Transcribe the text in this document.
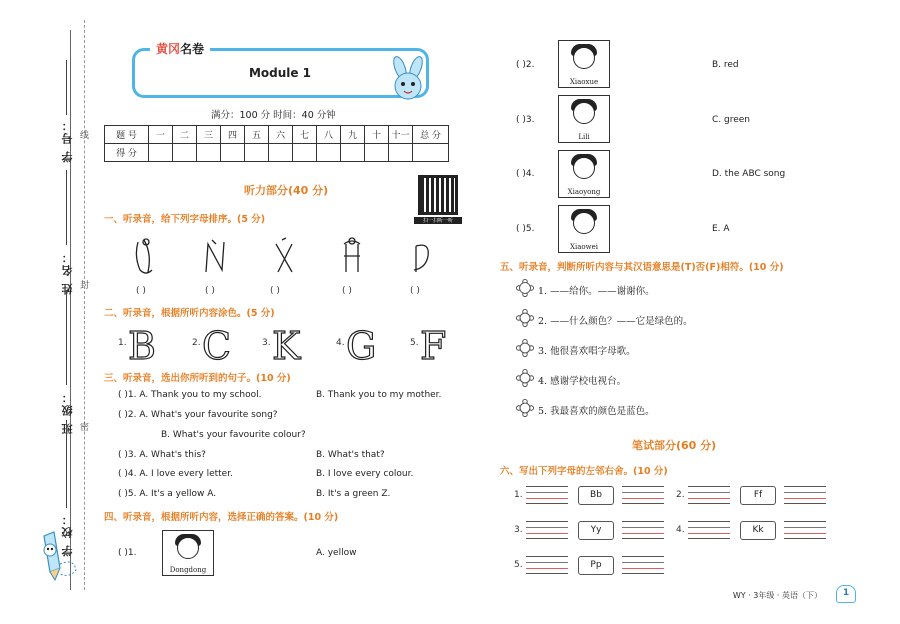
学 号：
姓 名：
班 级：
学 校：
线
封
密
黄冈名卷
Module 1
满分：100 分 时间：40 分钟
题 号	一	二	三	四	五	六	七	八	九	十	十一	总 分
得 分												
扫一扫听一听
听力部分(40 分)
一、听录音，给下列字母排序。(5 分)
( )	( )	( )	( )	( )
二、听录音，根据所听内容涂色。(5 分)
1. B	2. C	3. K	4. G	5. F
三、听录音，选出你所听到的句子。(10 分)
( )1. A. Thank you to my school.	B. Thank you to my mother.
( )2. A. What's your favourite song?
B. What's your favourite colour?
( )3. A. What's this?	B. What's that?
( )4. A. I love every letter.	B. I love every colour.
( )5. A. It's a yellow A.	B. It's a green Z.
四、听录音，根据所听内容，选择正确的答案。(10 分)
( )1.
Dongdong
A. yellow
( )2.
Xiaoxue
B. red
( )3.
Lili
C. green
( )4.
Xiaoyong
D. the ABC song
( )5.
Xiaowei
E. A
五、听录音，判断所听内容与其汉语意思是(T)否(F)相符。(10 分)
1. ——给你。——谢谢你。
2. ——什么颜色？——它是绿色的。
3. 他很喜欢唱字母歌。
4. 感谢学校电视台。
5. 我最喜欢的颜色是蓝色。
笔试部分(60 分)
六、写出下列字母的左邻右舍。(10 分)
1.	Bb	2.	Ff
3.	Yy	4.	Kk
5.	Pp
WY · 3年级 · 英语（下）	1
